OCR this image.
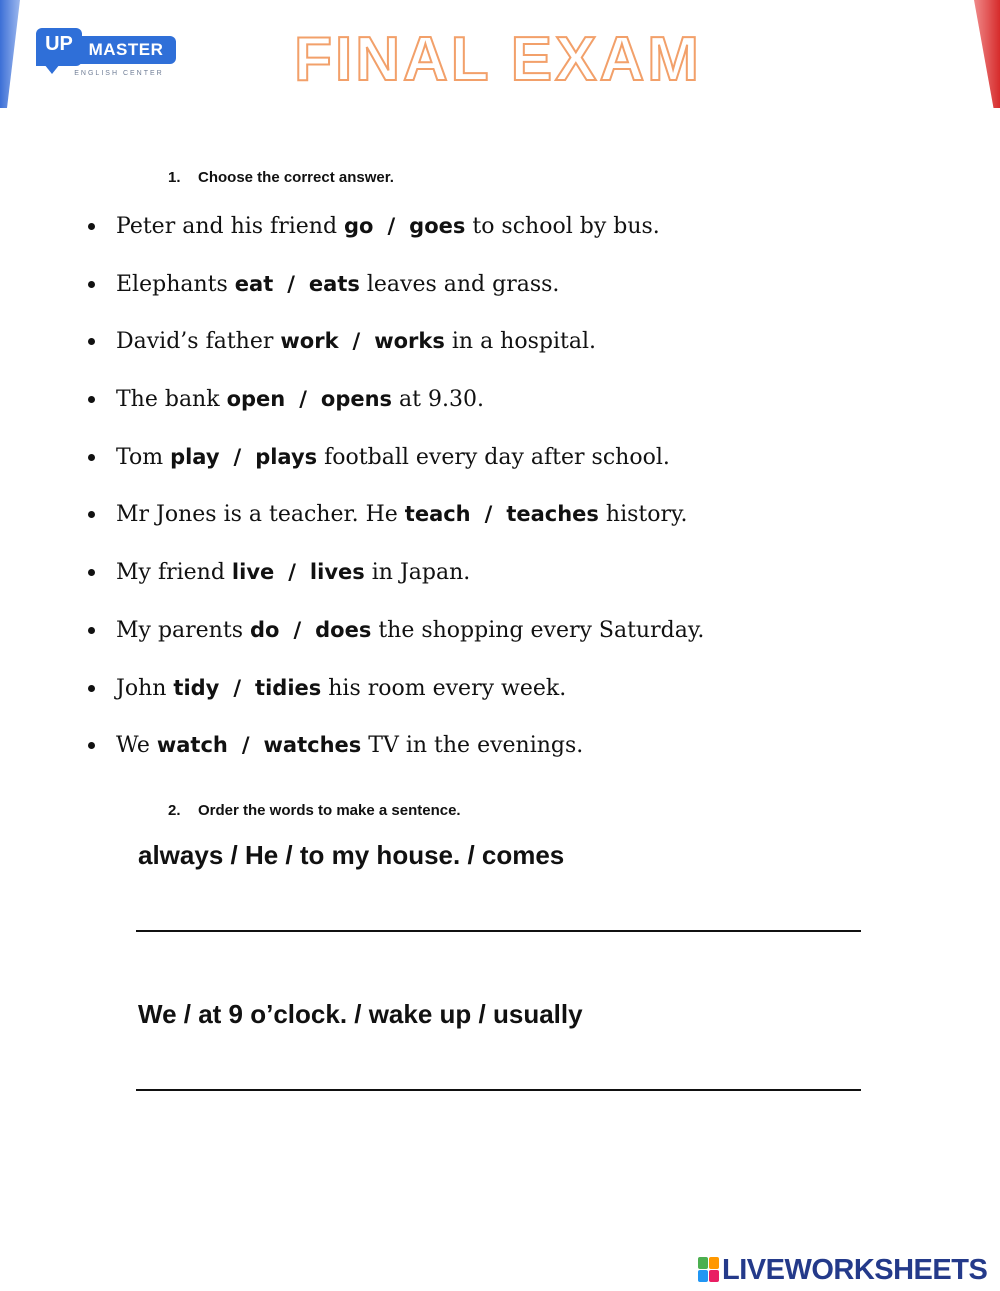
MASTER
UP
ENGLISH CENTER FINAL EXAM
1. Choose the correct answer.
Peter and his friend go / goes to school by bus.
Elephants eat / eats leaves and grass.
David’s father work / works in a hospital.
The bank open / opens at 9.30.
Tom play / plays football every day after school.
Mr Jones is a teacher. He teach / teaches history.
My friend live / lives in Japan.
My parents do / does the shopping every Saturday.
John tidy / tidies his room every week.
We watch / watches TV in the evenings.
2. Order the words to make a sentence.
always / He / to my house. / comes
We / at 9 o’clock. / wake up / usually
LIVEWORKSHEETS
